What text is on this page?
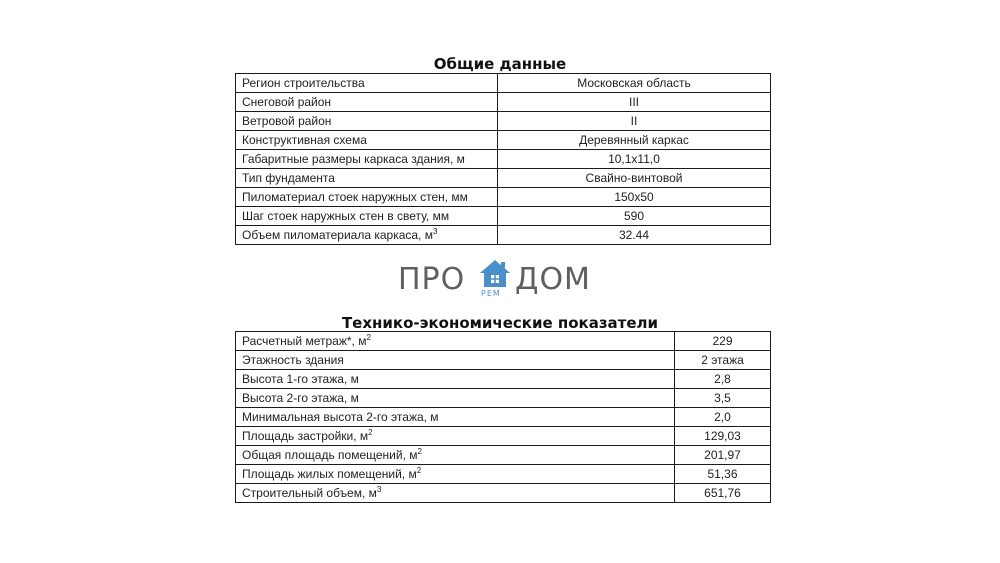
Общие данные
Регион строительства	Московская область
Снеговой район	III
Ветровой район	II
Конструктивная схема	Деревянный каркас
Габаритные размеры каркаса здания, м	10,1x11,0
Тип фундамента	Свайно-винтовой
Пиломатериал стоек наружных стен, мм	150x50
Шаг стоек наружных стен в свету, мм	590
Объем пиломатериала каркаса, $м^3$	32.44
ПРО РЕМ ДОМ
Технико-экономические показатели
Расчетный метраж*, $м^2$	229
Этажность здания	2 этажа
Высота 1-го этажа, м	2,8
Высота 2-го этажа, м	3,5
Минимальная высота 2-го этажа, м	2,0
Площадь застройки, $м^2$	129,03
Общая площадь помещений, $м^2$	201,97
Площадь жилых помещений, $м^2$	51,36
Строительный объем, $м^3$	651,76
